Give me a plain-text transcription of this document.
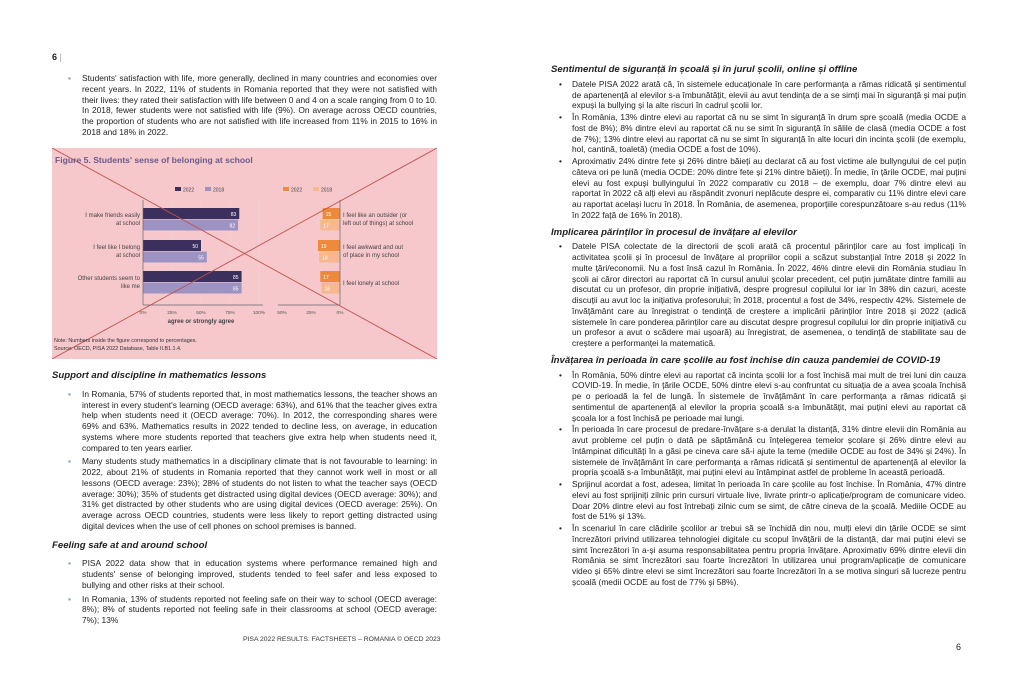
6 |
▪ Students' satisfaction with life, more generally, declined in many countries and economies over recent years. In 2022, 11% of students in Romania reported that they were not satisfied with their lives: they rated their satisfaction with life between 0 and 4 on a scale ranging from 0 to 10. In 2018, fewer students were not satisfied with life (9%). On average across OECD countries, the proportion of students who are not satisfied with life increased from 11% in 2015 to 16% in 2018 and 18% in 2022.
83
82
I make friends easily
at school
50
55
I feel like I belong
at school
85
85
Other students seem to
like me
0%	25%	50%	75%	100%
agree or strongly agree
15
17
19
18
17
16
I feel like an outsider (or
left out of things) at school
I feel awkward and out
of place in my school
I feel lonely at school
50%	25%	0%
2022	2018	2022	2018
Figure 5. Students' sense of belonging at school
Note: Numbers inside the figure correspond to percentages.
Source: OECD, PISA 2022 Database, Table II.B1.1.4.
Support and discipline in mathematics lessons
▪ In Romania, 57% of students reported that, in most mathematics lessons, the teacher shows an interest in every student's learning (OECD average: 63%), and 61% that the teacher gives extra help when students need it (OECD average: 70%). In 2012, the corresponding shares were 69% and 63%. Mathematics results in 2022 tended to decline less, on average, in education systems where more students reported that teachers give extra help when students need it, compared to ten years earlier.
▪ Many students study mathematics in a disciplinary climate that is not favourable to learning: in 2022, about 21% of students in Romania reported that they cannot work well in most or all lessons (OECD average: 23%); 28% of students do not listen to what the teacher says (OECD average: 30%); 35% of students get distracted using digital devices (OECD average: 30%); and 31% get distracted by other students who are using digital devices (OECD average: 25%). On average across OECD countries, students were less likely to report getting distracted using digital devices when the use of cell phones on school premises is banned.
Feeling safe at and around school
▪ PISA 2022 data show that in education systems where performance remained high and students' sense of belonging improved, students tended to feel safer and less exposed to bullying and other risks at their school.
▪ In Romania, 13% of students reported not feeling safe on their way to school (OECD average: 8%); 8% of students reported not feeling safe in their classrooms at school (OECD average: 7%); 13%
PISA 2022 RESULTS: FACTSHEETS – ROMANIA © OECD 2023
Sentimentul de siguranță în școală și în jurul școlii, online și offline
• Datele PISA 2022 arată că, în sistemele educaționale în care performanța a rămas ridicată și sentimentul de apartenență al elevilor s-a îmbunătățit, elevii au avut tendința de a se simți mai în siguranță și mai puțin expuși la bullying și la alte riscuri în cadrul școlii lor.
• În România, 13% dintre elevi au raportat că nu se simt în siguranță în drum spre școală (media OCDE a fost de 8%); 8% dintre elevi au raportat că nu se simt în siguranță în sălile de clasă (media OCDE a fost de 7%); 13% dintre elevi au raportat că nu se simt în siguranță în alte locuri din incinta școlii (de exemplu, hol, cantină, toaletă) (media OCDE a fost de 10%).
• Aproximativ 24% dintre fete și 26% dintre băieți au declarat că au fost victime ale bullyngului de cel puțin câteva ori pe lună (media OCDE: 20% dintre fete și 21% dintre băieți). În medie, în țările OCDE, mai puțini elevi au fost expuși bullyingului în 2022 comparativ cu 2018 – de exemplu, doar 7% dintre elevi au raportat în 2022 că alți elevi au răspândit zvonuri neplăcute despre ei, comparativ cu 11% dintre elevi care au raportat același lucru în 2018. În România, de asemenea, proporțiile corespunzătoare s-au redus (11% în 2022 față de 16% în 2018).
Implicarea părinților în procesul de învățare al elevilor
• Datele PISA colectate de la directorii de școli arată că procentul părinților care au fost implicați în activitatea școlii și în procesul de învățare al propriilor copii a scăzut substanțial între 2018 și 2022 în multe țări/economii. Nu a fost însă cazul în România. În 2022, 46% dintre elevii din România studiau în școli ai căror directori au raportat că în cursul anului școlar precedent, cel puțin jumătate dintre familii au discutat cu un profesor, din proprie inițiativă, despre progresul copilului lor iar în 38% din cazuri, aceste discuții au avut loc la inițiativa profesorului; în 2018, procentul a fost de 34%, respectiv 42%. Sistemele de învățământ care au înregistrat o tendință de creștere a implicării părinților între 2018 și 2022 (adică sistemele în care ponderea părinților care au discutat despre progresul copilului lor din proprie inițiativă cu un profesor a avut o scădere mai ușoară) au înregistrat, de asemenea, o tendință de stabilitate sau de creștere a performanței la matematică.
Învățarea în perioada în care școlile au fost închise din cauza pandemiei de COVID-19
• În România, 50% dintre elevi au raportat că incinta școlii lor a fost închisă mai mult de trei luni din cauza COVID-19. În medie, în țările OCDE, 50% dintre elevi s-au confruntat cu situația de a avea școala închisă pe o perioadă la fel de lungă. În sistemele de învățământ în care performanța a rămas ridicată și sentimentul de apartenență al elevilor la propria școală s-a îmbunătățit, mai puțini elevi au raportat că școala lor a fost închisă pe perioade mai lungi.
• În perioada în care procesul de predare-învățare s-a derulat la distanță, 31% dintre elevii din România au avut probleme cel puțin o dată pe săptămână cu înțelegerea temelor școlare și 26% dintre elevi au întâmpinat dificultăți în a găsi pe cineva care să-i ajute la teme (mediile OCDE au fost de 34% și 24%). În sistemele de învățământ în care performanța a rămas ridicată și sentimentul de apartenență al elevilor la propria școală s-a îmbunătățit, mai puțini elevi au întâmpinat astfel de probleme în această perioadă.
• Sprijinul acordat a fost, adesea, limitat în perioada în care școlile au fost închise. În România, 47% dintre elevi au fost sprijiniți zilnic prin cursuri virtuale live, livrate printr-o aplicație/program de comunicare video. Doar 20% dintre elevi au fost întrebați zilnic cum se simt, de către cineva de la școală. Mediile OCDE au fost de 51% și 13%.
• În scenariul în care clădirile școlilor ar trebui să se închidă din nou, mulți elevi din țările OCDE se simt încrezători privind utilizarea tehnologiei digitale cu scopul învățării de la distanță, dar mai puțini elevi se simt încrezători în a-și asuma responsabilitatea pentru propria învățare. Aproximativ 69% dintre elevii din România se simt încrezători sau foarte încrezători în utilizarea unui program/aplicație de comunicare video și 65% dintre elevi se simt încrezători sau foarte încrezători în a se motiva singuri să lucreze pentru școală (medii OCDE au fost de 77% și 58%).
6
